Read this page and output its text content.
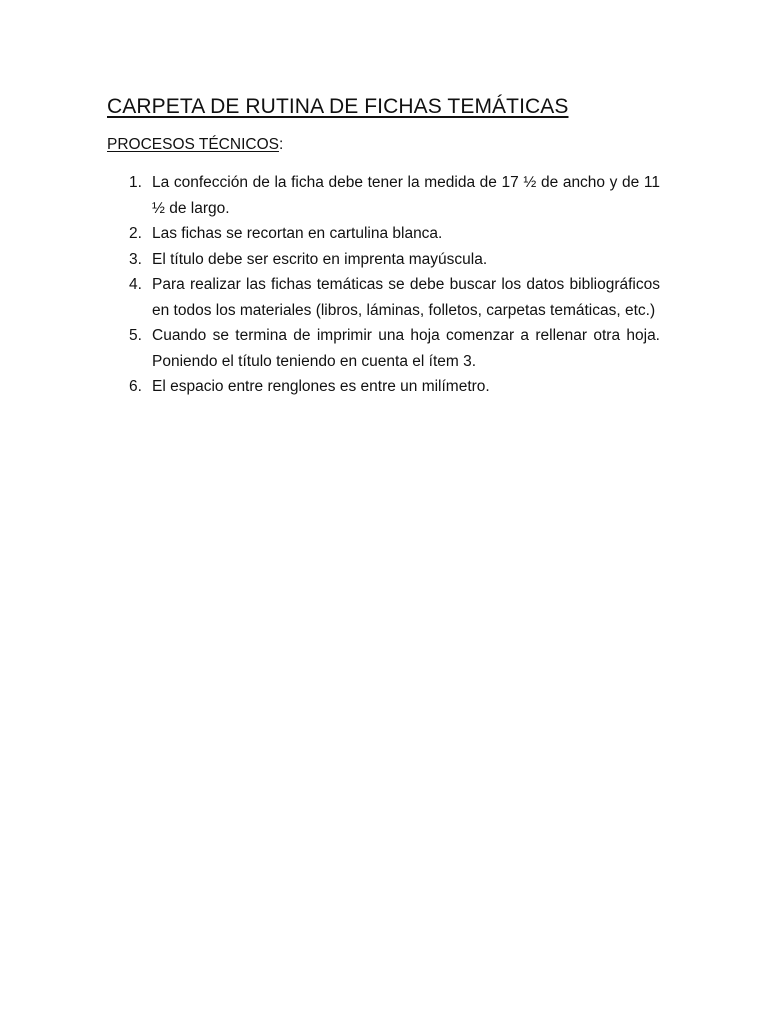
CARPETA DE RUTINA DE FICHAS TEMÁTICAS

PROCESOS TÉCNICOS:

1. La confección de la ficha debe tener la medida de 17 ½ de ancho y de 11 ½ de largo.
2. Las fichas se recortan en cartulina blanca.
3. El título debe ser escrito en imprenta mayúscula.
4. Para realizar las fichas temáticas se debe buscar los datos bibliográficos en todos los materiales (libros, láminas, folletos, carpetas temáticas, etc.)
5. Cuando se termina de imprimir una hoja comenzar a rellenar otra hoja. Poniendo el título teniendo en cuenta el ítem 3.
6. El espacio entre renglones es entre un milímetro.
